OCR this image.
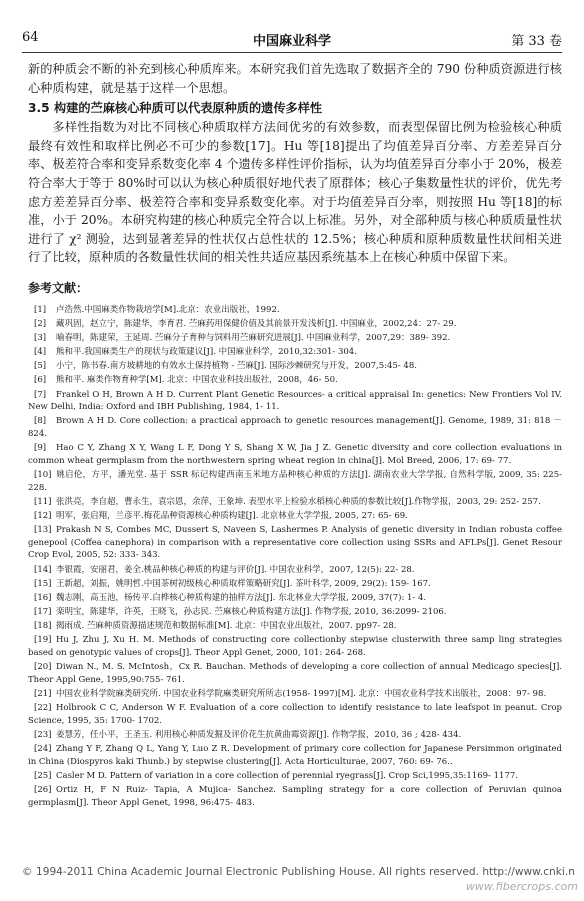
64	中国麻业科学	第 33 卷

新的种质会不断的补充到核心种质库来。本研究我们首先选取了数据齐全的 790 份种质资源进行核心种质构建，就是基于这样一个思想。

3.5 构建的苎麻核心种质可以代表原种质的遗传多样性

多样性指数为对比不同核心种质取样方法间优劣的有效参数，而表型保留比例为检验核心种质最终有效性和取样比例必不可少的参数[17]。Hu 等[18]提出了均值差异百分率、方差差异百分率、极差符合率和变异系数变化率 4 个遗传多样性评价指标，认为均值差异百分率小于 20%，极差符合率大于等于 80%时可以认为核心种质很好地代表了原群体；核心子集数量性状的评价，优先考虑方差差异百分率、极差符合率和变异系数变化率。对于均值差异百分率，则按照 Hu 等[18]的标准，小于 20%。本研究构建的核心种质完全符合以上标准。另外，对全部种质与核心种质质量性状进行了 χ² 测验，达到显著差异的性状仅占总性状的 12.5%；核心种质和原种质数量性状间相关进行了比较，原种质的各数量性状间的相关性共适应基因系统基本上在核心种质中保留下来。

参考文献：
[1] 卢浩然.中国麻类作物栽培学[M].北京：农业出版社，1992.
[2] 藏巩固，赵立宁，陈建华，李育君. 苎麻药用保健价值及其前景开发浅析[J]. 中国麻业，2002,24：27- 29.
[3] 喻春明，陈建荣，王延周. 苎麻分子育种与饲料用苎麻研究进展[J]. 中国麻业科学，2007,29：389- 392.
[4] 熊和平.我国麻类生产的现状与政策建议[J]. 中国麻业科学，2010,32:301- 304.
[5] 小宁，陈书春.南方坡耕地的有效水土保持植物 - 苎麻[J]. 国际沙棘研究与开发，2007,5:45- 48.
[6] 熊和平. 麻类作物育种学[M]. 北京：中国农业科技出版社，2008，46- 50.
[7] Frankel O H, Brown A H D. Current Plant Genetic Resources- a critical appraisal In: genetics: New Frontiers Vol IV. New Delhi, India: Oxford and IBH Publishing, 1984, 1- 11.
[8] Brown A H D. Core collection: a practical approach to genetic resources management[J]. Genome, 1989, 31: 818 － 824.
[9] Hao C Y, Zhang X Y, Wang L F, Dong Y S, Shang X W, Jia J Z. Genetic diversity and core collection evaluations in common wheat germplasm from the northwestern spring wheat region in china[J]. Mol Breed, 2006, 17: 69- 77.
[10] 姚启伦，方平，潘光堂. 基于 SSR 标记构建西南玉米地方品种核心种质的方法[J]. 湖南农业大学学报, 自然科学版, 2009, 35: 225- 228.
[11] 张洪亮，李自超，曹永生，袁宗恩，余萍，王象坤. 表型水平上检验水稻核心种质的参数比较[J].作物学报，2003, 29: 252- 257.
[12] 明军，张启翔，兰彦平.梅花品种资源核心种质构建[J]. 北京林业大学学报, 2005, 27: 65- 69.
[13] Prakash N S, Combes MC, Dussert S, Naveen S, Lashermes P. Analysis of genetic diversity in Indian robusta coffee genepool (Coffea canephora) in comparison with a representative core collection using SSRs and AFLPs[J]. Genet Resour Crop Evol, 2005, 52: 333- 343.
[14] 李银霞，安丽君，姜全.桃品种核心种质的构建与评价[J]. 中国农业科学，2007, 12(5): 22- 28.
[15] 王新超，刘振，姚明哲.中国茶树初级核心种质取样策略研究[J]. 茶叶科学, 2009, 29(2): 159- 167.
[16] 魏志刚，高玉池，杨传平.白桦核心种质构建的抽样方法[J]. 东北林业大学学报, 2009, 37(7): 1- 4.
[17] 栾明宝，陈建华，许英，王晓飞，孙志民. 苎麻核心种质构建方法[J]. 作物学报, 2010, 36:2099- 2106.
[18] 揭雨成. 苎麻种质资源描述规范和数据标准[M]. 北京：中国农业出版社，2007. pp97- 28.
[19] Hu J, Zhu J, Xu H. M. Methods of constructing core collectionby stepwise clusterwith three samp ling strategies based on genotypic values of crops[J]. Theor Appl Genet, 2000, 101: 264- 268.
[20] Diwan N., M. S. McIntosh，Cx R. Bauchan. Methods of developing a core collection of annual Medicago species[J]. Theor Appl Gene, 1995,90:755- 761.
[21] 中国农业科学院麻类研究所. 中国农业科学院麻类研究所所志(1958- 1997)[M]. 北京：中国农业科学技术出版社，2008：97- 98.
[22] Holbrook C C, Anderson W F. Evaluation of a core collection to identify resistance to late leafspot in peanut. Crop Science, 1995, 35: 1700- 1702.
[23] 姜慧芳，任小平，王圣玉. 利用核心种质发掘及评价花生抗黄曲霉资源[J]. 作物学报，2010, 36 ; 428- 434.
[24] Zhang Y F, Zhang Q L, Yang Y, Luo Z R. Development of primary core collection for Japanese Persimmon originated in China (Diospyros kaki Thunb.) by stepwise clustering[J]. Acta Horticulturae, 2007, 760: 69- 76..
[25] Casler M D. Pattern of variation in a core collection of perennial ryegrass[J]. Crop Sci,1995,35:1169- 1177.
[26] Ortiz H, F N Ruiz- Tapia, A Mujica- Sanchez. Sampling strategy for a core collection of Peruvian quinoa germplasm[J]. Theor Appl Genet, 1998, 96:475- 483.
© 1994-2011 China Academic Journal Electronic Publishing House. All rights reserved. http://www.cnki.n
www.fibercrops.com
